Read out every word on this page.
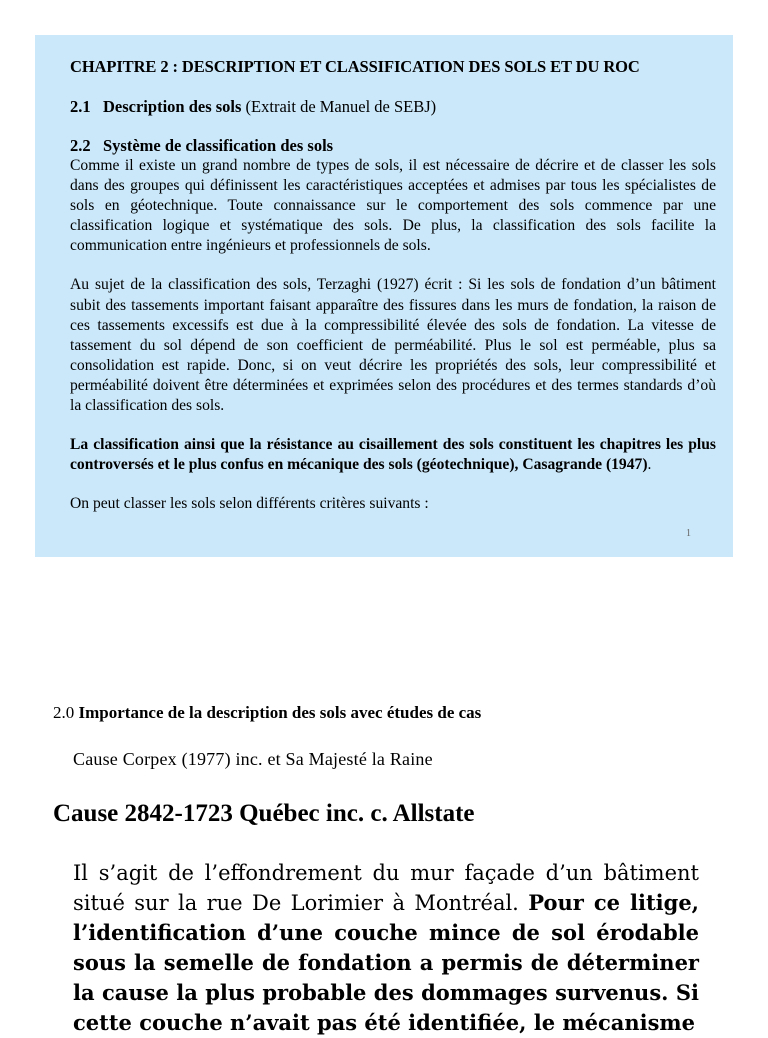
CHAPITRE 2 : DESCRIPTION ET CLASSIFICATION DES SOLS ET DU ROC

2.1 Description des sols (Extrait de Manuel de SEBJ)
2.2 Système de classification des sols

Comme il existe un grand nombre de types de sols, il est nécessaire de décrire et de classer les sols dans des groupes qui définissent les caractéristiques acceptées et admises par tous les spécialistes de sols en géotechnique. Toute connaissance sur le comportement des sols commence par une classification logique et systématique des sols. De plus, la classification des sols facilite la communication entre ingénieurs et professionnels de sols.

Au sujet de la classification des sols, Terzaghi (1927) écrit : Si les sols de fondation d’un bâtiment subit des tassements important faisant apparaître des fissures dans les murs de fondation, la raison de ces tassements excessifs est due à la compressibilité élevée des sols de fondation. La vitesse de tassement du sol dépend de son coefficient de perméabilité. Plus le sol est perméable, plus sa consolidation est rapide. Donc, si on veut décrire les propriétés des sols, leur compressibilité et perméabilité doivent être déterminées et exprimées selon des procédures et des termes standards d’où la classification des sols.

La classification ainsi que la résistance au cisaillement des sols constituent les chapitres les plus controversés et le plus confus en mécanique des sols (géotechnique), Casagrande (1947).

On peut classer les sols selon différents critères suivants :

1
2.0 Importance de la description des sols avec études de cas
Cause Corpex (1977) inc. et Sa Majesté la Raine
Cause 2842-1723 Québec inc. c. Allstate
Il s’agit de l’effondrement du mur façade d’un bâtiment situé sur la rue De Lorimier à Montréal. Pour ce litige, l’identification d’une couche mince de sol érodable sous la semelle de fondation a permis de déterminer la cause la plus probable des dommages survenus. Si cette couche n’avait pas été identifiée, le mécanisme
